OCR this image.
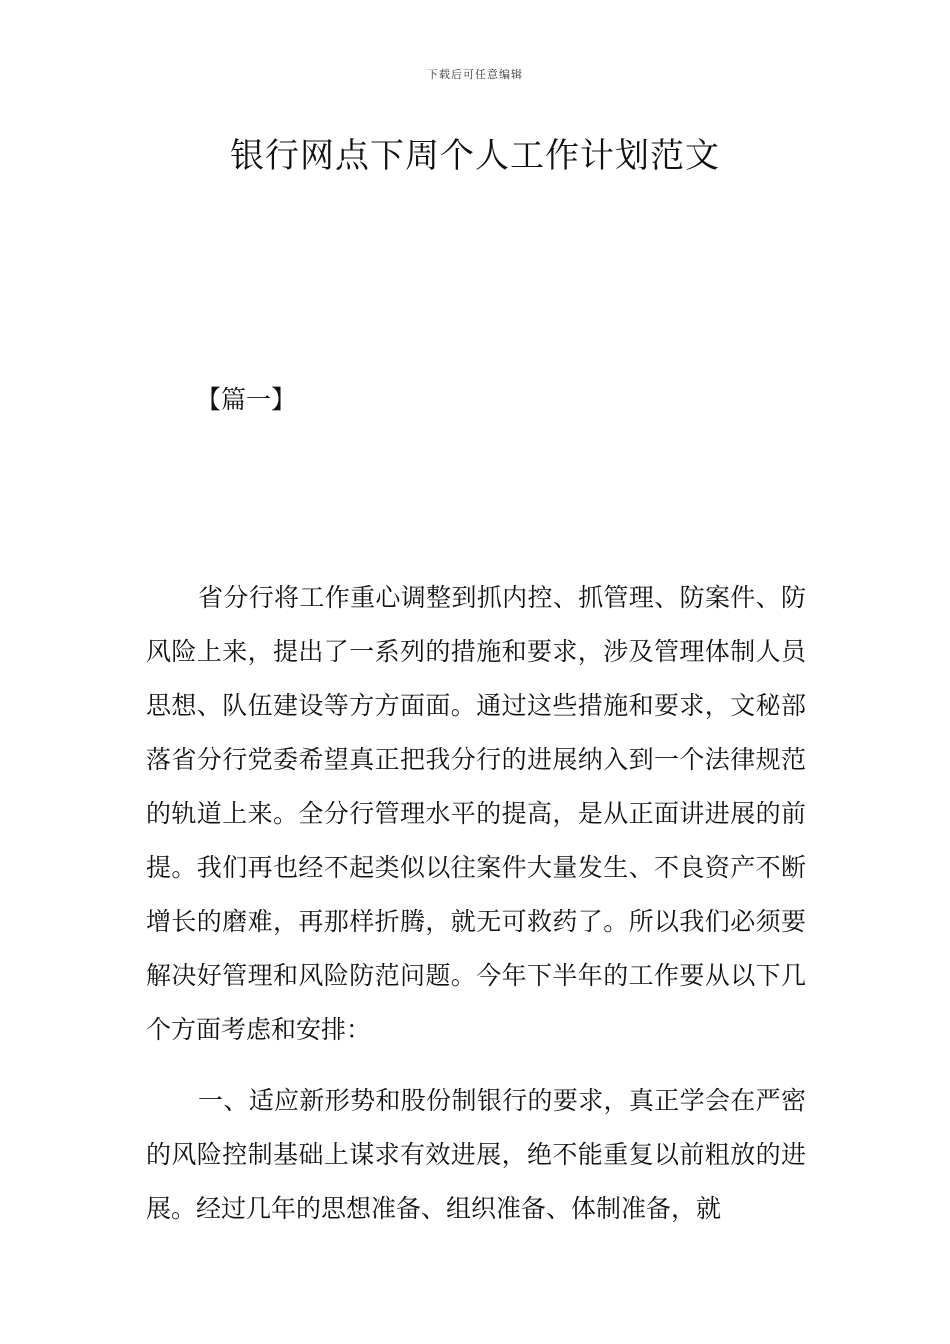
下载后可任意编辑
银行网点下周个人工作计划范文
【篇一】

省分行将工作重心调整到抓内控、抓管理、防案件、防风险上来，提出了一系列的措施和要求，涉及管理体制人员思想、队伍建设等方方面面。通过这些措施和要求，文秘部落省分行党委希望真正把我分行的进展纳入到一个法律规范的轨道上来。全分行管理水平的提高，是从正面讲进展的前提。我们再也经不起类似以往案件大量发生、不良资产不断增长的磨难，再那样折腾，就无可救药了。所以我们必须要解决好管理和风险防范问题。今年下半年的工作要从以下几个方面考虑和安排：

一、适应新形势和股份制银行的要求，真正学会在严密的风险控制基础上谋求有效进展，绝不能重复以前粗放的进展。经过几年的思想准备、组织准备、体制准备，就
